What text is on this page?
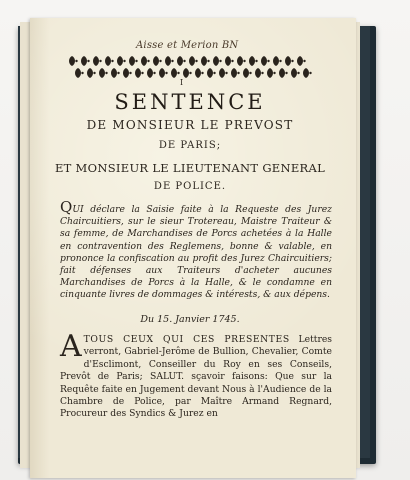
Aisse et Merion BN
I
SENTENCE
DE MONSIEUR LE PREVOST
DE PARIS;
ET MONSIEUR LE LIEUTENANT GENERAL
DE POLICE.
QUI déclare la Saisie faite à la Requeste des Jurez Chaircuitiers, sur le sieur Trotereau, Maistre Traiteur & sa femme, de Marchandises de Porcs achetées à la Halle en contravention des Reglemens, bonne & valable, en prononce la confiscation au profit des Jurez Chaircuitiers; fait défenses aux Traiteurs d'acheter aucunes Marchandises de Porcs à la Halle, & le condamne en cinquante livres de dommages & intérests, & aux dépens.
Du 15. Janvier 1745.
ATOUS CEUX QUI CES PRESENTES Lettres verront, Gabriel-Jerôme de Bullion, Chevalier, Comte d'Esclimont, Conseiller du Roy en ses Conseils, Prevôt de Paris; SALUT. sçavoir faisons: Que sur la Requête faite en Jugement devant Nous à l'Audience de la Chambre de Police, par Maître Armand Regnard, Procureur des Syndics & Jurez en
